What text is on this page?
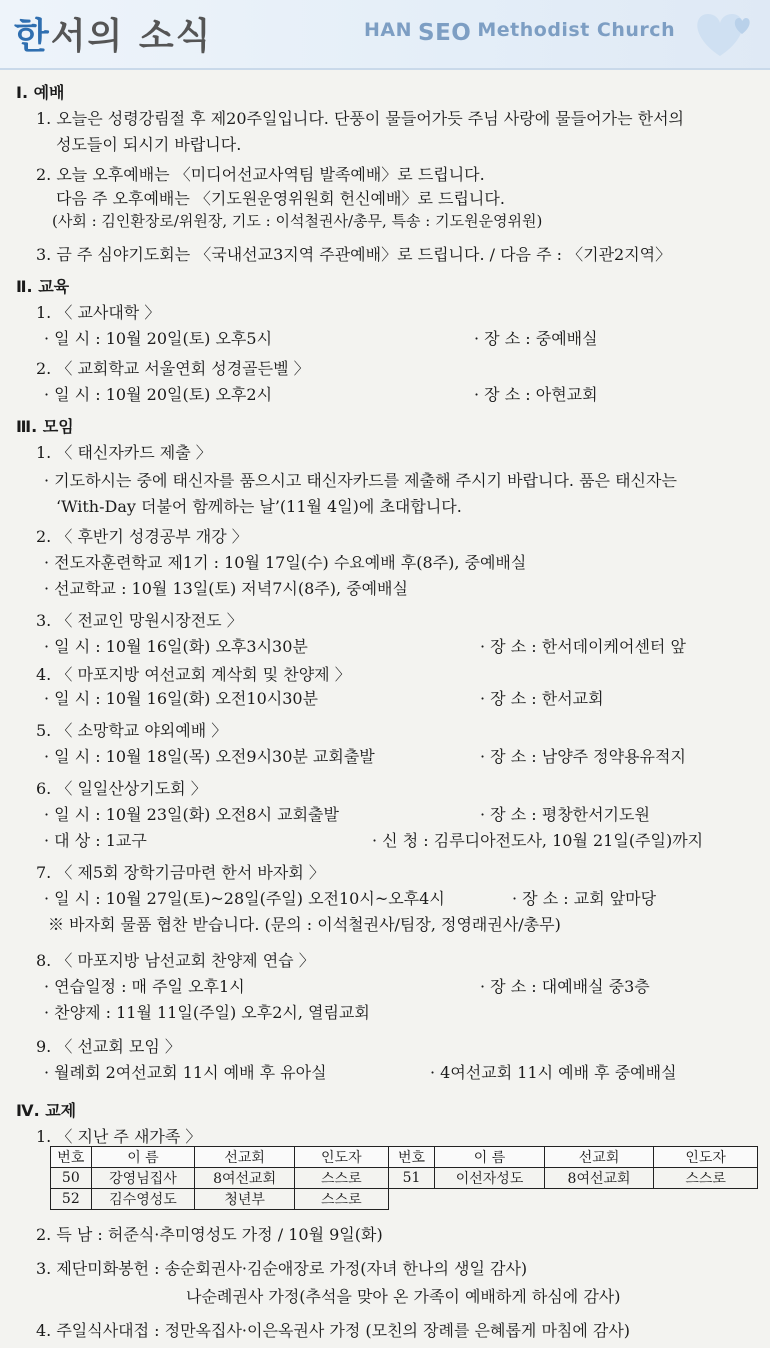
한서의 소식	HAN SEO Methodist Church
Ⅰ. 예배
1. 오늘은 성령강림절 후 제20주일입니다. 단풍이 물들어가듯 주님 사랑에 물들어가는 한서의
성도들이 되시기 바랍니다.
2. 오늘 오후예배는 〈미디어선교사역팀 발족예배〉로 드립니다.
다음 주 오후예배는 〈기도원운영위원회 헌신예배〉로 드립니다.
(사회 : 김인환장로/위원장, 기도 : 이석철권사/총무, 특송 : 기도원운영위원)
3. 금 주 심야기도회는 〈국내선교3지역 주관예배〉로 드립니다. / 다음 주 : 〈기관2지역〉
Ⅱ. 교육
1. 〈 교사대학 〉
· 일 시 : 10월 20일(토) 오후5시	· 장 소 : 중예배실
2. 〈 교회학교 서울연회 성경골든벨 〉
· 일 시 : 10월 20일(토) 오후2시	· 장 소 : 아현교회
Ⅲ. 모임
1. 〈 태신자카드 제출 〉
· 기도하시는 중에 태신자를 품으시고 태신자카드를 제출해 주시기 바랍니다. 품은 태신자는
‘With-Day 더불어 함께하는 날’(11월 4일)에 초대합니다.
2. 〈 후반기 성경공부 개강 〉
· 전도자훈련학교 제1기 : 10월 17일(수) 수요예배 후(8주), 중예배실
· 선교학교 : 10월 13일(토) 저녁7시(8주), 중예배실
3. 〈 전교인 망원시장전도 〉
· 일 시 : 10월 16일(화) 오후3시30분	· 장 소 : 한서데이케어센터 앞
4. 〈 마포지방 여선교회 계삭회 및 찬양제 〉
· 일 시 : 10월 16일(화) 오전10시30분	· 장 소 : 한서교회
5. 〈 소망학교 야외예배 〉
· 일 시 : 10월 18일(목) 오전9시30분 교회출발	· 장 소 : 남양주 정약용유적지
6. 〈 일일산상기도회 〉
· 일 시 : 10월 23일(화) 오전8시 교회출발	· 장 소 : 평창한서기도원
· 대 상 : 1교구	· 신 청 : 김루디아전도사, 10월 21일(주일)까지
7. 〈 제5회 장학기금마련 한서 바자회 〉
· 일 시 : 10월 27일(토)~28일(주일) 오전10시~오후4시	· 장 소 : 교회 앞마당
※ 바자회 물품 협찬 받습니다. (문의 : 이석철권사/팀장, 정영래권사/총무)
8. 〈 마포지방 남선교회 찬양제 연습 〉
· 연습일정 : 매 주일 오후1시	· 장 소 : 대예배실 중3층
· 찬양제 : 11월 11일(주일) 오후2시, 열림교회
9. 〈 선교회 모임 〉
· 월례회 2여선교회 11시 예배 후 유아실	· 4여선교회 11시 예배 후 중예배실
Ⅳ. 교제
1. 〈 지난 주 새가족 〉
번호	이 름	선교회	인도자	번호	이 름	선교회	인도자
50	강영님집사	8여선교회	스스로	51	이선자성도	8여선교회	스스로
52	김수영성도	청년부	스스로				
2. 득 남 : 허준식·추미영성도 가정 / 10월 9일(화)
3. 제단미화봉헌 : 송순회권사·김순애장로 가정(자녀 한나의 생일 감사)
나순례권사 가정(추석을 맞아 온 가족이 예배하게 하심에 감사)
4. 주일식사대접 : 정만옥집사·이은옥권사 가정 (모친의 장례를 은혜롭게 마침에 감사)
